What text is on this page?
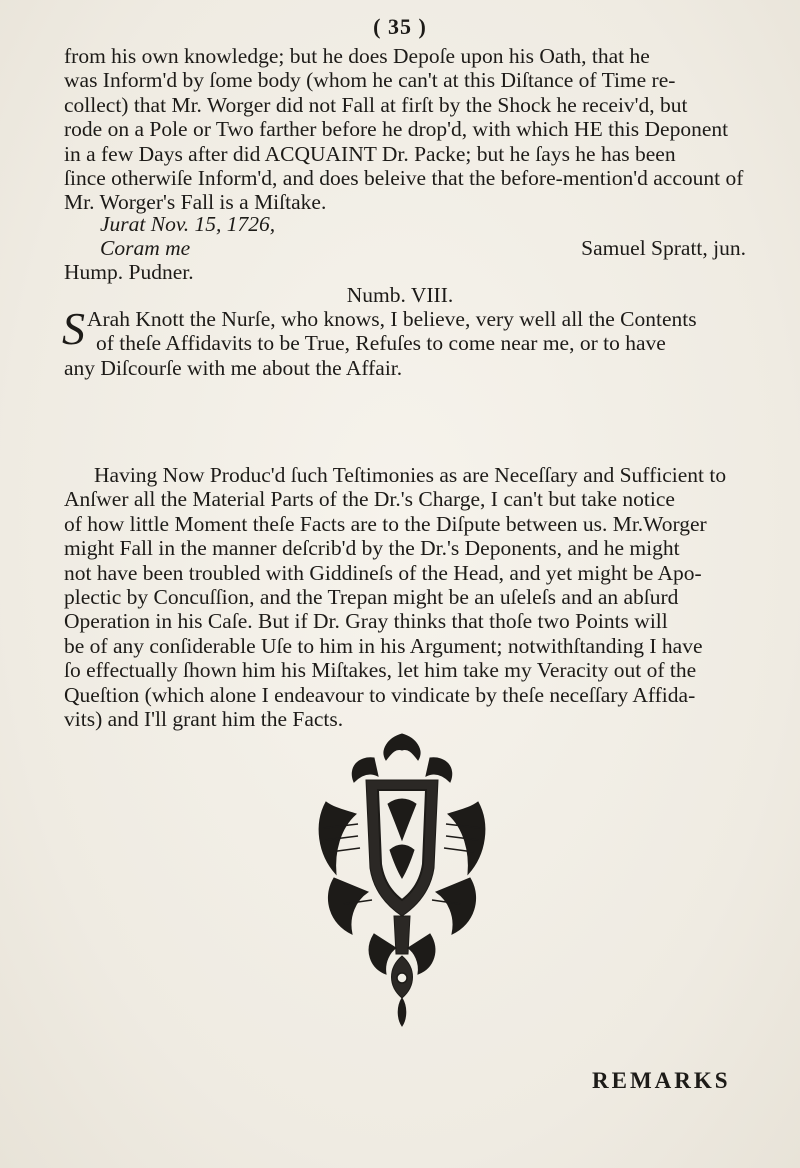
( 35 )
from his own knowledge; but he does Depoſe upon his Oath, that he
was Inform'd by ſome body (whom he can't at this Diſtance of Time re-
collect) that Mr. Worger did not Fall at firſt by the Shock he receiv'd, but
rode on a Pole or Two farther before he drop'd, with which HE this Deponent
in a few Days after did ACQUAINT Dr. Packe; but he ſays he has been
ſince otherwiſe Inform'd, and does beleive that the before-mention'd account of
Mr. Worger's Fall is a Miſtake.
Jurat Nov. 15, 1726,
Coram me	Samuel Spratt, jun.
Hump. Pudner.
Numb. VIII.
S Arah Knott the Nurſe, who knows, I believe, very well all the Contents
of theſe Affidavits to be True, Refuſes to come near me, or to have
any Diſcourſe with me about the Affair.
Having Now Produc'd ſuch Teſtimonies as are Neceſſary and Sufficient to
Anſwer all the Material Parts of the Dr.'s Charge, I can't but take notice
of how little Moment theſe Facts are to the Diſpute between us. Mr.Worger
might Fall in the manner deſcrib'd by the Dr.'s Deponents, and he might
not have been troubled with Giddineſs of the Head, and yet might be Apo-
plectic by Concuſſion, and the Trepan might be an uſeleſs and an abſurd
Operation in his Caſe. But if Dr. Gray thinks that thoſe two Points will
be of any conſiderable Uſe to him in his Argument; notwithſtanding I have
ſo effectually ſhown him his Miſtakes, let him take my Veracity out of the
Queſtion (which alone I endeavour to vindicate by theſe neceſſary Affida-
vits) and I'll grant him the Facts.
REMARKS
